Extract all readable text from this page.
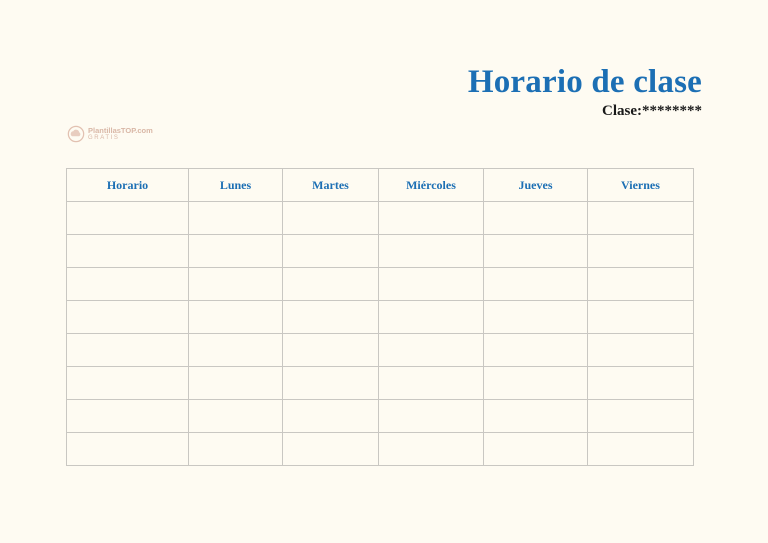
Horario de clase
Clase:********
PlantillasTOP.com
GRATIS
Horario	Lunes	Martes	Miércoles	Jueves	Viernes
